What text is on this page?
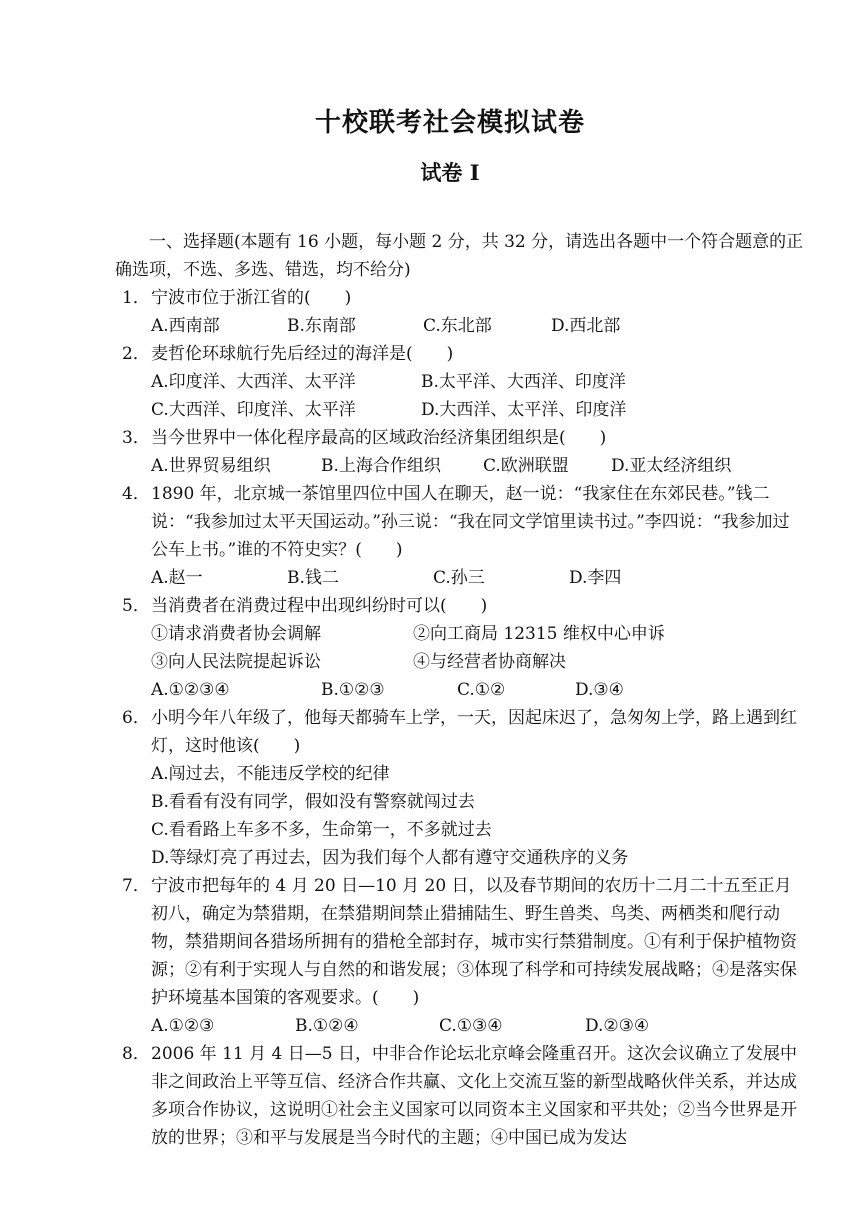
十校联考社会模拟试卷
试卷 I

一、选择题(本题有 16 小题，每小题 2 分，共 32 分，请选出各题中一个符合题意的正确选项，不选、多选、错选，均不给分)

1． 宁波市位于浙江省的(　　)
A.西南部	B.东南部	C.东北部	D.西北部
2． 麦哲伦环球航行先后经过的海洋是(　　)
A.印度洋、大西洋、太平洋	B.太平洋、大西洋、印度洋
C.大西洋、印度洋、太平洋	D.大西洋、太平洋、印度洋
3． 当今世界中一体化程序最高的区域政治经济集团组织是(　　)
A.世界贸易组织	B.上海合作组织	C.欧洲联盟	D.亚太经济组织
4． 1890 年，北京城一茶馆里四位中国人在聊天，赵一说：“我家住在东郊民巷。”钱二说：“我参加过太平天国运动。”孙三说：“我在同文学馆里读书过。”李四说：“我参加过公车上书。”谁的不符史实？(　　)
A.赵一	B.钱二	C.孙三	D.李四
5． 当消费者在消费过程中出现纠纷时可以(　　)
①请求消费者协会调解	②向工商局 12315 维权中心申诉
③向人民法院提起诉讼	④与经营者协商解决
A.①②③④	B.①②③	C.①②	D.③④
6． 小明今年八年级了，他每天都骑车上学，一天，因起床迟了，急匆匆上学，路上遇到红灯，这时他该(　　)
A.闯过去，不能违反学校的纪律
B.看看有没有同学，假如没有警察就闯过去
C.看看路上车多不多，生命第一，不多就过去
D.等绿灯亮了再过去，因为我们每个人都有遵守交通秩序的义务
7． 宁波市把每年的 4 月 20 日—10 月 20 日，以及春节期间的农历十二月二十五至正月初八，确定为禁猎期，在禁猎期间禁止猎捕陆生、野生兽类、鸟类、两栖类和爬行动物，禁猎期间各猎场所拥有的猎枪全部封存，城市实行禁猎制度。①有利于保护植物资源；②有利于实现人与自然的和谐发展；③体现了科学和可持续发展战略；④是落实保护环境基本国策的客观要求。(　　)
A.①②③	B.①②④	C.①③④	D.②③④
8． 2006 年 11 月 4 日—5 日，中非合作论坛北京峰会隆重召开。这次会议确立了发展中非之间政治上平等互信、经济合作共赢、文化上交流互鉴的新型战略伙伴关系，并达成多项合作协议，这说明①社会主义国家可以同资本主义国家和平共处；②当今世界是开放的世界；③和平与发展是当今时代的主题；④中国已成为发达
